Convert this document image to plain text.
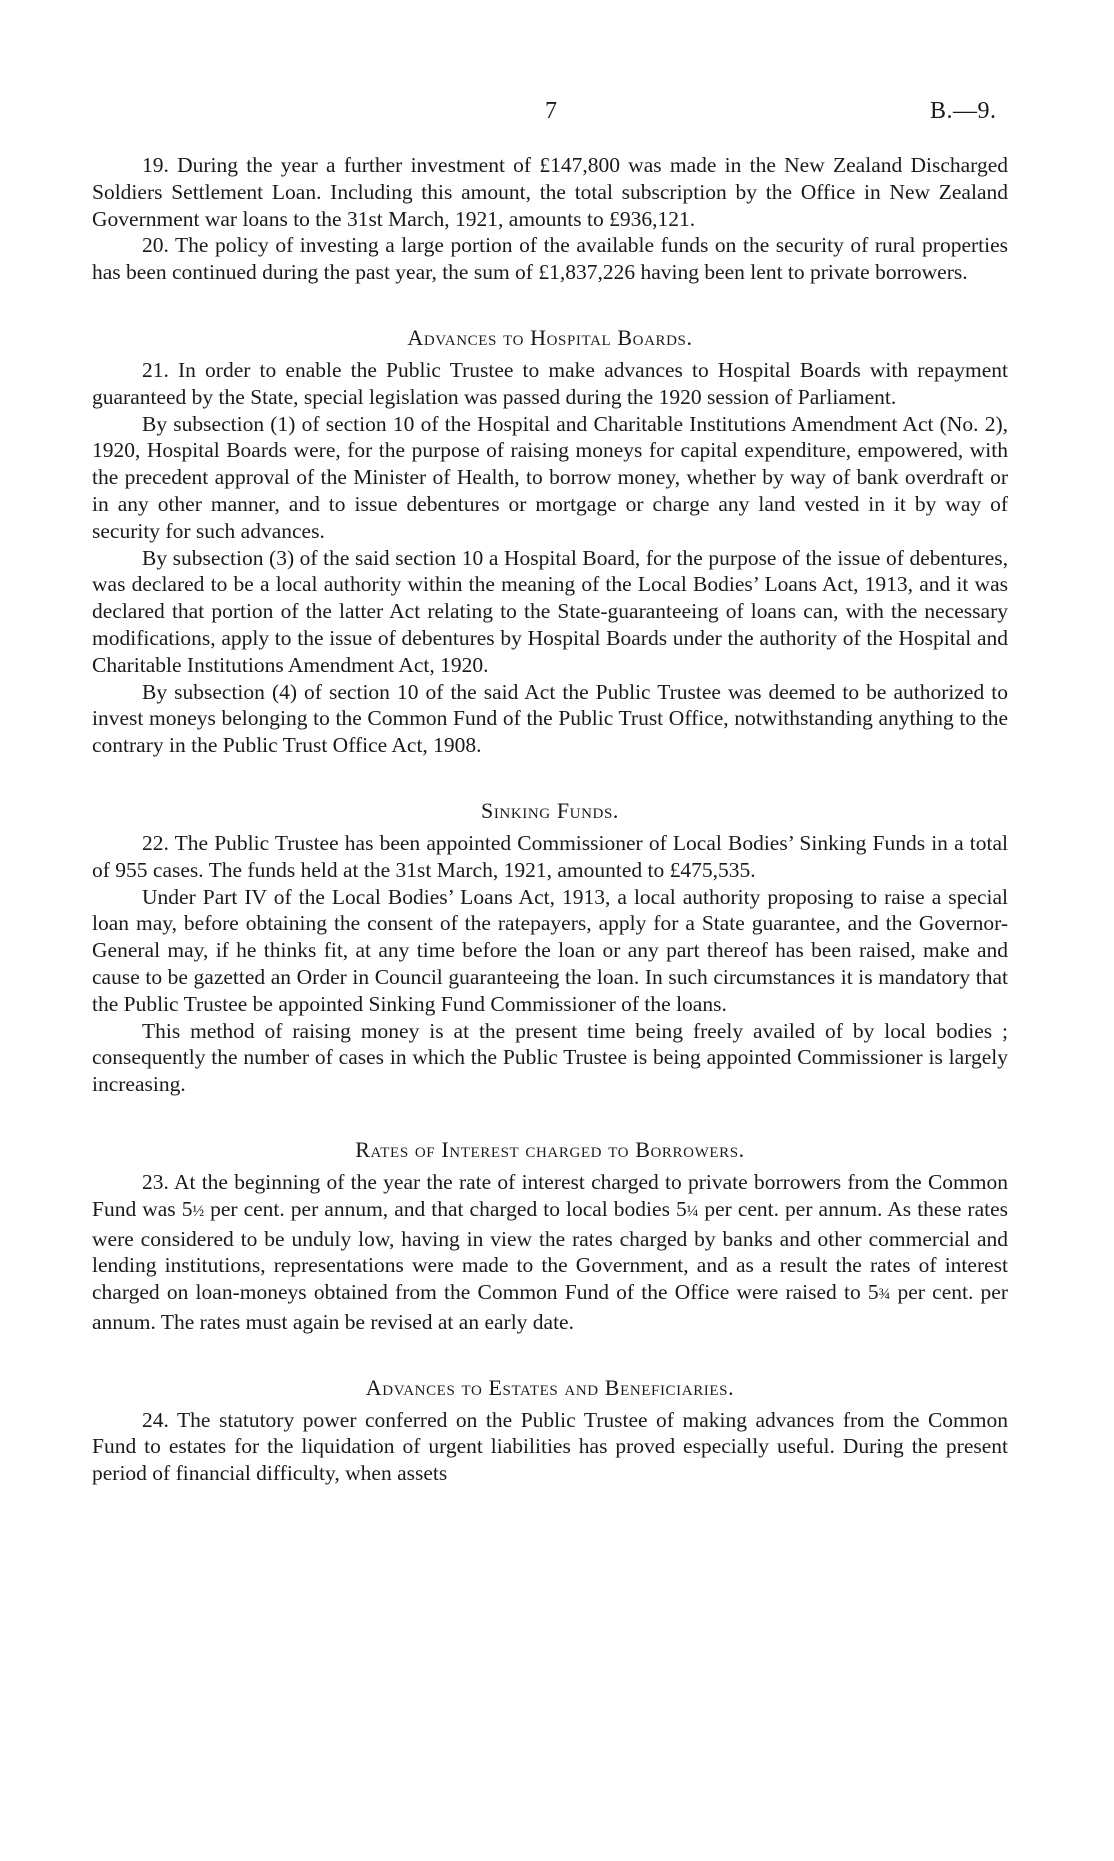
7	B.—9.

19. During the year a further investment of £147,800 was made in the New Zealand Discharged Soldiers Settlement Loan. Including this amount, the total subscription by the Office in New Zealand Government war loans to the 31st March, 1921, amounts to £936,121.

20. The policy of investing a large portion of the available funds on the security of rural properties has been continued during the past year, the sum of £1,837,226 having been lent to private borrowers.

Advances to Hospital Boards.

21. In order to enable the Public Trustee to make advances to Hospital Boards with repayment guaranteed by the State, special legislation was passed during the 1920 session of Parliament.

By subsection (1) of section 10 of the Hospital and Charitable Institutions Amendment Act (No. 2), 1920, Hospital Boards were, for the purpose of raising moneys for capital expenditure, empowered, with the precedent approval of the Minister of Health, to borrow money, whether by way of bank overdraft or in any other manner, and to issue debentures or mortgage or charge any land vested in it by way of security for such advances.

By subsection (3) of the said section 10 a Hospital Board, for the purpose of the issue of debentures, was declared to be a local authority within the meaning of the Local Bodies’ Loans Act, 1913, and it was declared that portion of the latter Act relating to the State-guaranteeing of loans can, with the necessary modifications, apply to the issue of debentures by Hospital Boards under the authority of the Hospital and Charitable Institutions Amendment Act, 1920.

By subsection (4) of section 10 of the said Act the Public Trustee was deemed to be authorized to invest moneys belonging to the Common Fund of the Public Trust Office, notwithstanding anything to the contrary in the Public Trust Office Act, 1908.

Sinking Funds.

22. The Public Trustee has been appointed Commissioner of Local Bodies’ Sinking Funds in a total of 955 cases. The funds held at the 31st March, 1921, amounted to £475,535.

Under Part IV of the Local Bodies’ Loans Act, 1913, a local authority proposing to raise a special loan may, before obtaining the consent of the ratepayers, apply for a State guarantee, and the Governor-General may, if he thinks fit, at any time before the loan or any part thereof has been raised, make and cause to be gazetted an Order in Council guaranteeing the loan. In such circumstances it is mandatory that the Public Trustee be appointed Sinking Fund Commissioner of the loans.

This method of raising money is at the present time being freely availed of by local bodies ; consequently the number of cases in which the Public Trustee is being appointed Commissioner is largely increasing.

Rates of Interest charged to Borrowers.

23. At the beginning of the year the rate of interest charged to private borrowers from the Common Fund was 5½ per cent. per annum, and that charged to local bodies 5¼ per cent. per annum. As these rates were considered to be unduly low, having in view the rates charged by banks and other commercial and lending institutions, representations were made to the Government, and as a result the rates of interest charged on loan-moneys obtained from the Common Fund of the Office were raised to 5¾ per cent. per annum. The rates must again be revised at an early date.

Advances to Estates and Beneficiaries.

24. The statutory power conferred on the Public Trustee of making advances from the Common Fund to estates for the liquidation of urgent liabilities has proved especially useful. During the present period of financial difficulty, when assets
